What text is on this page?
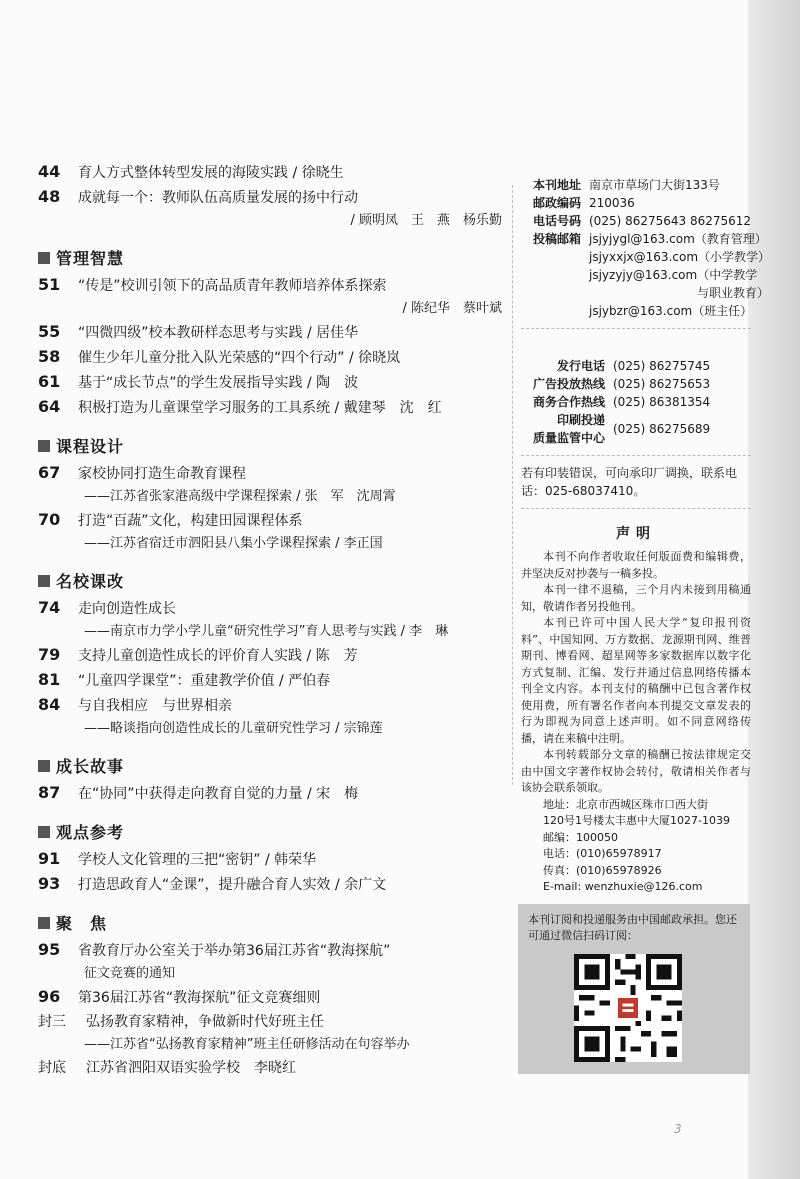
44	育人方式整体转型发展的海陵实践 / 徐晓生
48	成就每一个：教师队伍高质量发展的扬中行动
/ 顾明凤　王　燕　杨乐勤
管理智慧
51	“传是”校训引领下的高品质青年教师培养体系探索
/ 陈纪华　蔡叶斌
55	“四微四级”校本教研样态思考与实践 / 居佳华
58	催生少年儿童分批入队光荣感的“四个行动” / 徐晓岚
61	基于“成长节点”的学生发展指导实践 / 陶　波
64	积极打造为儿童课堂学习服务的工具系统 / 戴建琴　沈　红
课程设计
67	家校协同打造生命教育课程
——江苏省张家港高级中学课程探索 / 张　军　沈周霄
70	打造“百蔬”文化，构建田园课程体系
——江苏省宿迁市泗阳县八集小学课程探索 / 李正国
名校课改
74	走向创造性成长
——南京市力学小学儿童“研究性学习”育人思考与实践 / 李　琳
79	支持儿童创造性成长的评价育人实践 / 陈　芳
81	“儿童四学课堂”：重建教学价值 / 严伯春
84	与自我相应　与世界相亲
——略谈指向创造性成长的儿童研究性学习 / 宗锦莲
成长故事
87	在“协同”中获得走向教育自觉的力量 / 宋　梅
观点参考
91	学校人文化管理的三把“密钥” / 韩荣华
93	打造思政育人“金课”，提升融合育人实效 / 余广文
聚　焦
95	省教育厅办公室关于举办第36届江苏省“教海探航”
征文竞赛的通知
96	第36届江苏省“教海探航”征文竞赛细则
封三	弘扬教育家精神，争做新时代好班主任
——江苏省“弘扬教育家精神”班主任研修活动在句容举办
封底	江苏省泗阳双语实验学校　李晓红
本刊地址 南京市草场门大街133号
邮政编码 210036
电话号码 (025) 86275643 86275612
投稿邮箱 jsjyjygl@163.com（教育管理）
jsjyxxjx@163.com（小学教学）
jsjyzyjy@163.com（中学教学
　　　　　　　　　与职业教育）
jsjybzr@163.com（班主任）
发行电话 (025) 86275745
广告投放热线 (025) 86275653
商务合作热线 (025) 86381354
印刷投递
质量监管中心
(025) 86275689
若有印装错误，可向承印厂调换，联系电话：025-68037410。
声明

本刊不向作者收取任何版面费和编辑费，并坚决反对抄袭与一稿多投。

本刊一律不退稿，三个月内未接到用稿通知，敬请作者另投他刊。

本刊已许可中国人民大学“复印报刊资料”、中国知网、万方数据、龙源期刊网、维普期刊、博看网、超星网等多家数据库以数字化方式复制、汇编、发行并通过信息网络传播本刊全文内容。本刊支付的稿酬中已包含著作权使用费，所有署名作者向本刊提交文章发表的行为即视为同意上述声明。如不同意网络传播，请在来稿中注明。

本刊转载部分文章的稿酬已按法律规定交由中国文字著作权协会转付，敬请相关作者与该协会联系领取。

地址：北京市西城区珠市口西大街
120号1号楼太丰惠中大厦1027-1039
邮编：100050
电话：(010)65978917
传真：(010)65978926
E-mail: wenzhuxie@126.com
本刊订阅和投递服务由中国邮政承担。您还可通过微信扫码订阅：
3
